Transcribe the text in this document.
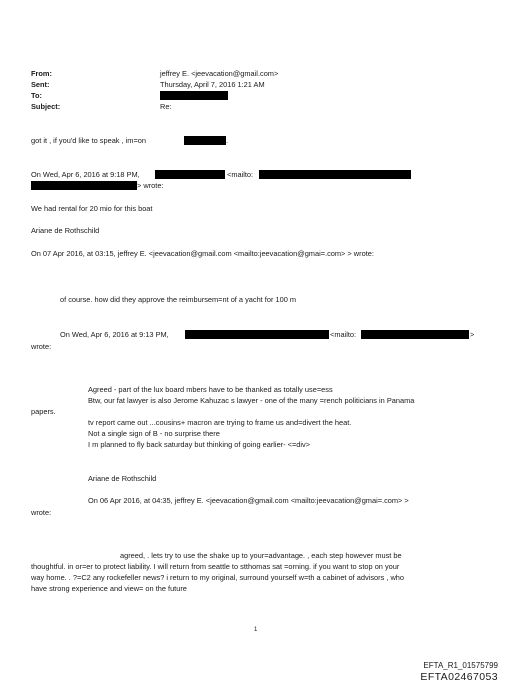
From:	jeffrey E. <jeevacation@gmail.com>
Sent:	Thursday, April 7, 2016 1:21 AM
To:
Subject:	Re:
got it , if you'd like to speak , im=on	.
On Wed, Apr 6, 2016 at 9:18 PM,	<mailto:
> wrote:
We had rental for 20 mio for this boat
Ariane de Rothschild
On 07 Apr 2016, at 03:15, jeffrey E. <jeevacation@gmail.com <mailto:jeevacation@gmai=.com> > wrote:
of course. how did they approve the reimbursem=nt of a yacht for 100 m
On Wed, Apr 6, 2016 at 9:13 PM,	<mailto:	>
wrote:
Agreed - part of the lux board mbers have to be thanked as totally use=ess
Btw, our fat lawyer is also Jerome Kahuzac s lawyer - one of the many =rench politicians in Panama
papers.
tv report came out ...cousins+ macron are trying to frame us and=divert the heat.
Not a single sign of B - no surprise there
I m planned to fly back saturday but thinking of going earlier- <=div>
Ariane de Rothschild
On 06 Apr 2016, at 04:35, jeffrey E. <jeevacation@gmail.com <mailto:jeevacation@gmai=.com> >
wrote:
agreed, . lets try to use the shake up to your=advantage. , each step however must be
thoughtful. in or=er to protect liability. I will return from seattle to stthomas sat =orning. if you want to stop on your
way home. . ?=C2 any rockefeller news? i return to my original, surround yourself w=th a cabinet of advisors , who
have strong experience and view= on the future
1
EFTA_R1_01575799
EFTA02467053
